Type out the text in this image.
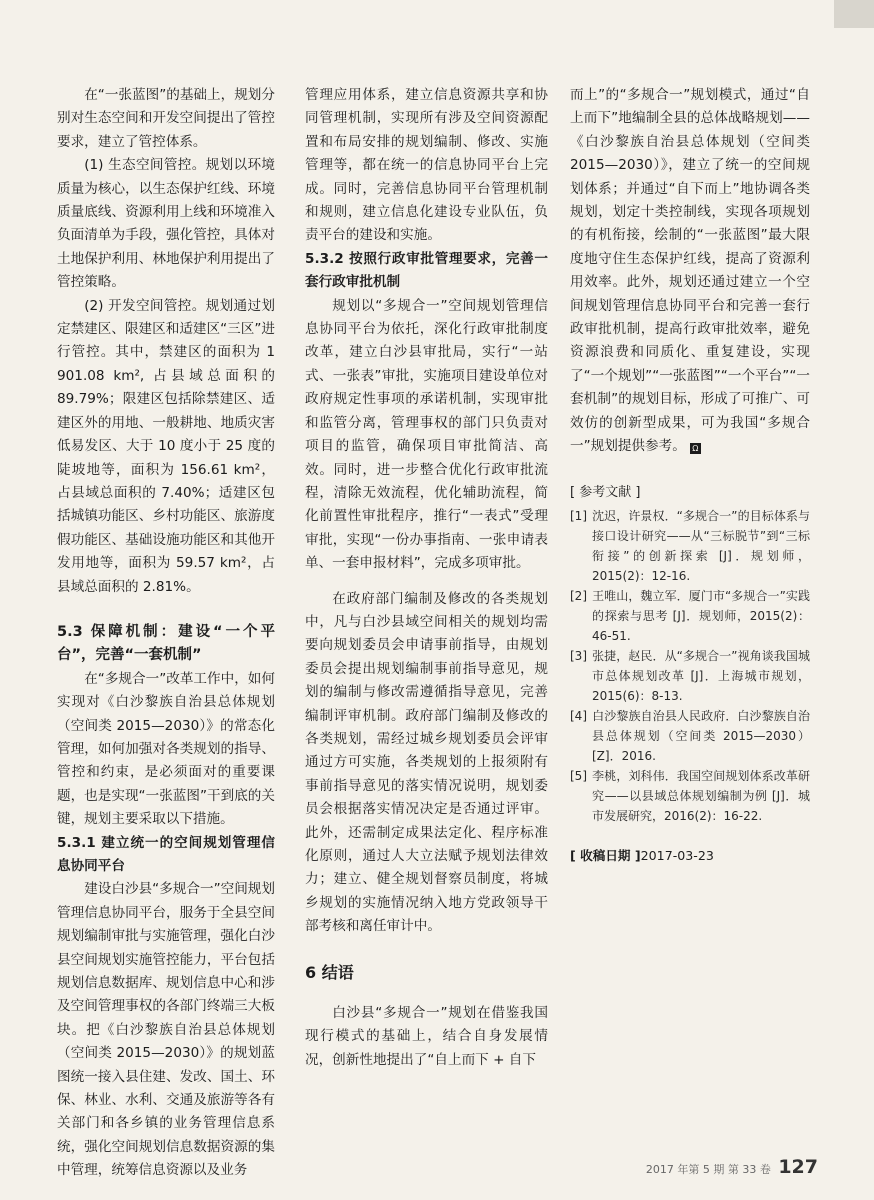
在“一张蓝图”的基础上，规划分别对生态空间和开发空间提出了管控要求，建立了管控体系。

(1) 生态空间管控。规划以环境质量为核心，以生态保护红线、环境质量底线、资源利用上线和环境准入负面清单为手段，强化管控，具体对土地保护利用、林地保护利用提出了管控策略。

(2) 开发空间管控。规划通过划定禁建区、限建区和适建区“三区”进行管控。其中，禁建区的面积为 1 901.08 km², 占县域总面积的 89.79%；限建区包括除禁建区、适建区外的用地、一般耕地、地质灾害低易发区、大于 10 度小于 25 度的陡坡地等，面积为 156.61 km²，占县域总面积的 7.40%；适建区包括城镇功能区、乡村功能区、旅游度假功能区、基础设施功能区和其他开发用地等，面积为 59.57 km²，占县域总面积的 2.81%。

5.3 保障机制：建设“一个平台”，完善“一套机制”

在“多规合一”改革工作中，如何实现对《白沙黎族自治县总体规划（空间类 2015—2030）》的常态化管理，如何加强对各类规划的指导、管控和约束，是必须面对的重要课题，也是实现“一张蓝图”干到底的关键，规划主要采取以下措施。

5.3.1 建立统一的空间规划管理信息协同平台

建设白沙县“多规合一”空间规划管理信息协同平台，服务于全县空间规划编制审批与实施管理，强化白沙县空间规划实施管控能力，平台包括规划信息数据库、规划信息中心和涉及空间管理事权的各部门终端三大板块。把《白沙黎族自治县总体规划（空间类 2015—2030）》的规划蓝图统一接入县住建、发改、国土、环保、林业、水利、交通及旅游等各有关部门和各乡镇的业务管理信息系统，强化空间规划信息数据资源的集中管理，统筹信息资源以及业务

管理应用体系，建立信息资源共享和协同管理机制，实现所有涉及空间资源配置和布局安排的规划编制、修改、实施管理等，都在统一的信息协同平台上完成。同时，完善信息协同平台管理机制和规则，建立信息化建设专业队伍，负责平台的建设和实施。

5.3.2 按照行政审批管理要求，完善一套行政审批机制

规划以“多规合一”空间规划管理信息协同平台为依托，深化行政审批制度改革，建立白沙县审批局，实行“一站式、一张表”审批，实施项目建设单位对政府规定性事项的承诺机制，实现审批和监管分离，管理事权的部门只负责对项目的监管，确保项目审批简洁、高效。同时，进一步整合优化行政审批流程，清除无效流程，优化辅助流程，简化前置性审批程序，推行“一表式”受理审批，实现“一份办事指南、一张申请表单、一套申报材料”，完成多项审批。

在政府部门编制及修改的各类规划中，凡与白沙县域空间相关的规划均需要向规划委员会申请事前指导，由规划委员会提出规划编制事前指导意见，规划的编制与修改需遵循指导意见，完善编制评审机制。政府部门编制及修改的各类规划，需经过城乡规划委员会评审通过方可实施，各类规划的上报须附有事前指导意见的落实情况说明，规划委员会根据落实情况决定是否通过评审。此外，还需制定成果法定化、程序标准化原则，通过人大立法赋予规划法律效力；建立、健全规划督察员制度，将城乡规划的实施情况纳入地方党政领导干部考核和离任审计中。

6 结语

白沙县“多规合一”规划在借鉴我国现行模式的基础上，结合自身发展情况，创新性地提出了“自上而下 + 自下

而上”的“多规合一”规划模式，通过“自上而下”地编制全县的总体战略规划——《白沙黎族自治县总体规划（空间类 2015—2030）》，建立了统一的空间规划体系；并通过“自下而上”地协调各类规划，划定十类控制线，实现各项规划的有机衔接，绘制的“一张蓝图”最大限度地守住生态保护红线，提高了资源利用效率。此外，规划还通过建立一个空间规划管理信息协同平台和完善一套行政审批机制，提高行政审批效率，避免资源浪费和同质化、重复建设，实现了“一个规划”“一张蓝图”“一个平台”“一套机制”的规划目标，形成了可推广、可效仿的创新型成果，可为我国“多规合一”规划提供参考。 Ω

[ 参考文献 ]

[1] 沈迟，许景权．“多规合一”的目标体系与接口设计研究——从“三标脱节”到“三标衔接”的创新探索 [J]．规划师，2015(2)：12-16.

[2] 王唯山，魏立军．厦门市“多规合一”实践的探索与思考 [J]．规划师，2015(2)：46-51.

[3] 张捷，赵民．从“多规合一”视角谈我国城市总体规划改革 [J]．上海城市规划，2015(6)：8-13.

[4] 白沙黎族自治县人民政府．白沙黎族自治县总体规划（空间类 2015—2030）[Z]．2016.

[5] 李桃，刘科伟．我国空间规划体系改革研究——以县域总体规划编制为例 [J]．城市发展研究，2016(2)：16-22.

[ 收稿日期 ]2017-03-23

2017 年第 5 期 第 33 卷 127
